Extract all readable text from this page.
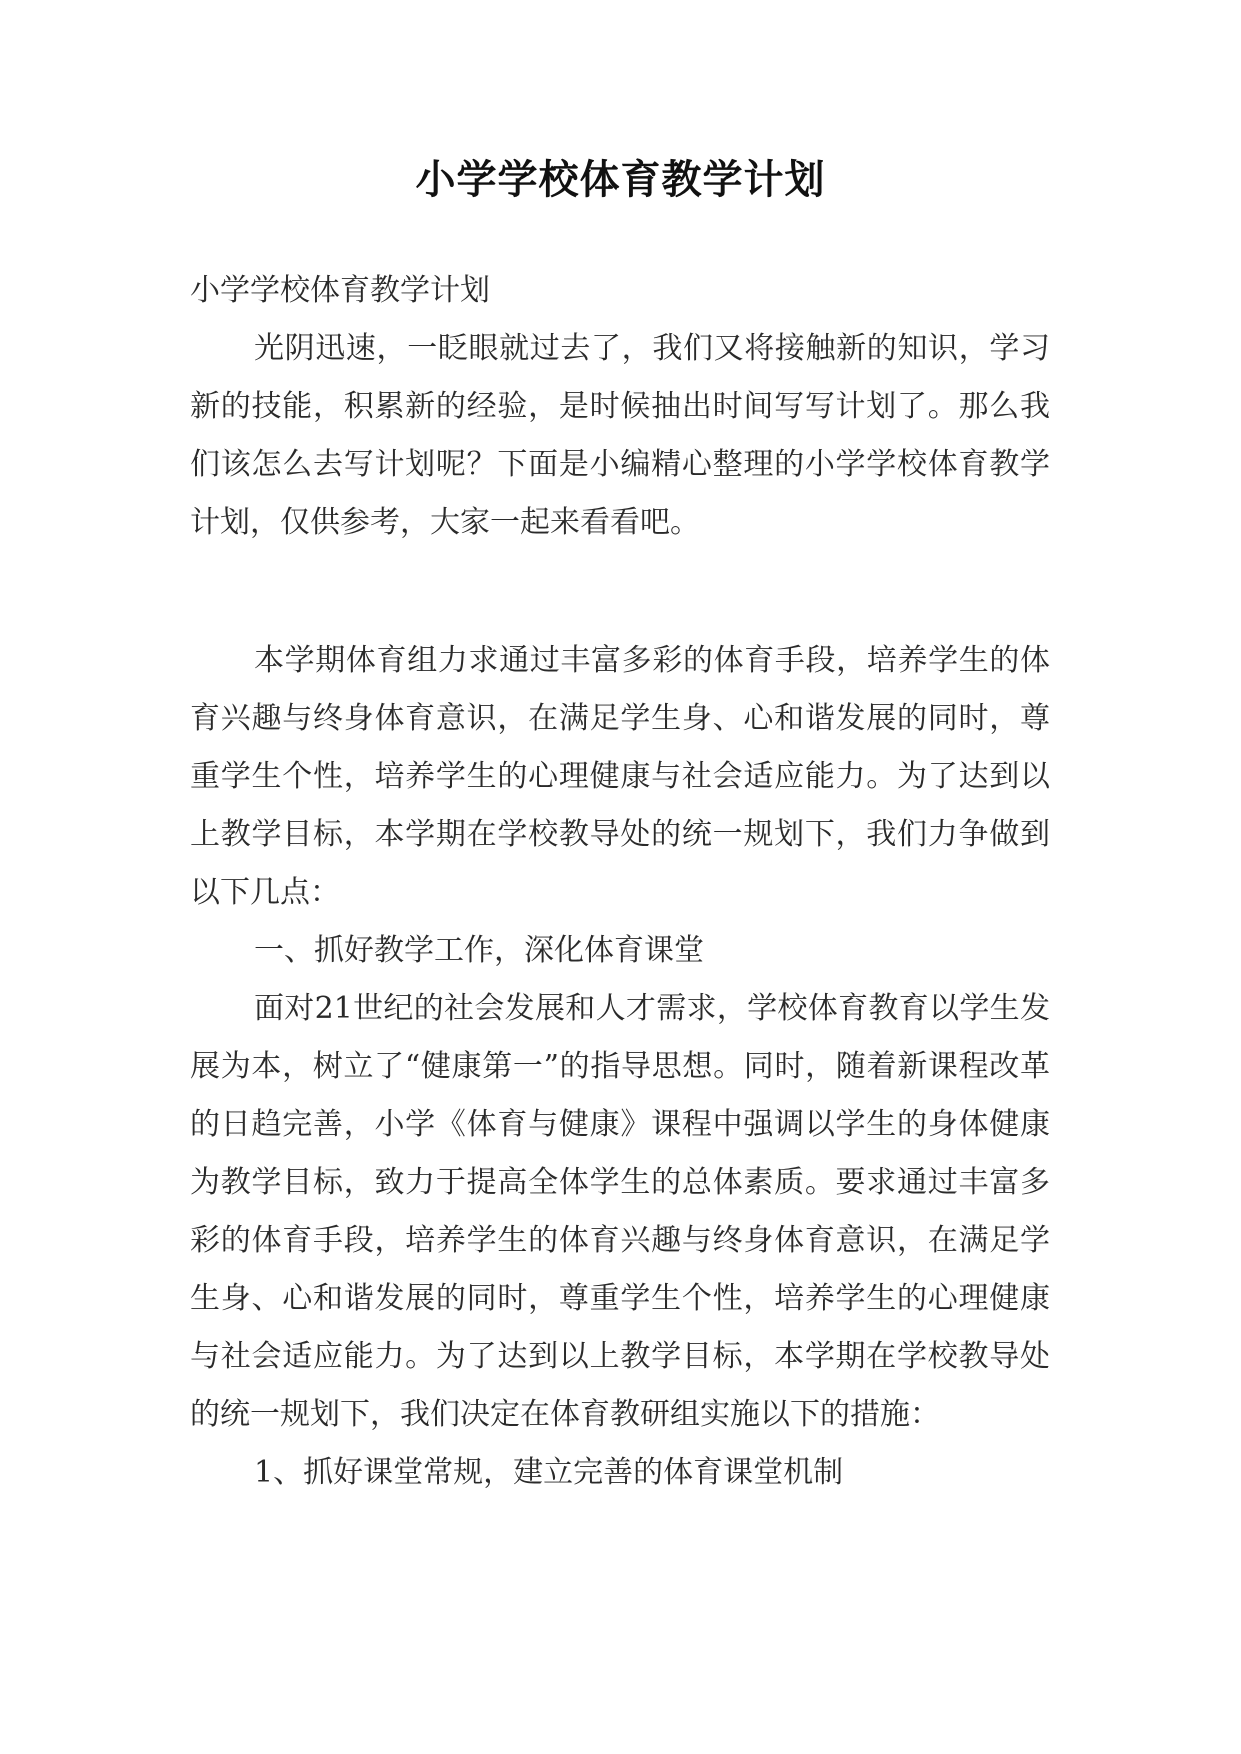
小学学校体育教学计划

小学学校体育教学计划

光阴迅速，一眨眼就过去了，我们又将接触新的知识，学习新的技能，积累新的经验，是时候抽出时间写写计划了。那么我们该怎么去写计划呢？下面是小编精心整理的小学学校体育教学计划，仅供参考，大家一起来看看吧。

本学期体育组力求通过丰富多彩的体育手段，培养学生的体育兴趣与终身体育意识，在满足学生身、心和谐发展的同时，尊重学生个性，培养学生的心理健康与社会适应能力。为了达到以上教学目标，本学期在学校教导处的统一规划下，我们力争做到以下几点：

一、抓好教学工作，深化体育课堂

面对21世纪的社会发展和人才需求，学校体育教育以学生发展为本，树立了“健康第一”的指导思想。同时，随着新课程改革的日趋完善，小学《体育与健康》课程中强调以学生的身体健康为教学目标，致力于提高全体学生的总体素质。要求通过丰富多彩的体育手段，培养学生的体育兴趣与终身体育意识，在满足学生身、心和谐发展的同时，尊重学生个性，培养学生的心理健康与社会适应能力。为了达到以上教学目标，本学期在学校教导处的统一规划下，我们决定在体育教研组实施以下的措施：

1、抓好课堂常规，建立完善的体育课堂机制
